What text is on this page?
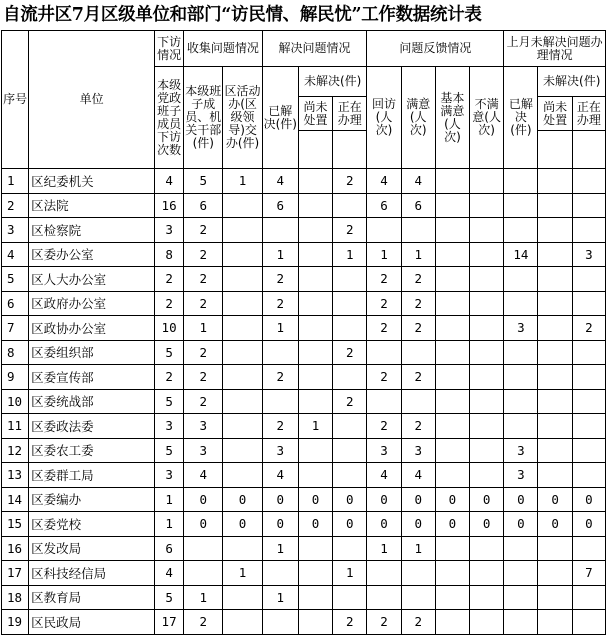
自流井区7月区级单位和部门“访民情、解民忧”工作数据统计表
序号	单位	下访情况	收集问题情况		解决问题情况			问题反馈情况				上月未解决问题办理情况		
		本级党政班子成员下访次数	本级班子成员、机关干部(件)	区活动办(区级领导)交办(件)	已解决(件)	未解决(件)		回访(人次)	满意(人次)	基本满意(人次)	不满意(人次)	已解决(件)	未解决(件)	
						尚未处置	正在办理						尚未处置	正在办理

1	区纪委机关	4	5	1	4		2	4	4					
2	区法院	16	6		6			6	6					
3	区检察院	3	2				2							
4	区委办公室	8	2		1		1	1	1			14		3
5	区人大办公室	2	2		2			2	2					
6	区政府办公室	2	2		2			2	2					
7	区政协办公室	10	1		1			2	2			3		2
8	区委组织部	5	2				2							
9	区委宣传部	2	2		2			2	2					
10	区委统战部	5	2				2							
11	区委政法委	3	3		2	1		2	2					
12	区委农工委	5	3		3			3	3			3		
13	区委群工局	3	4		4			4	4			3		
14	区委编办	1	0	0	0	0	0	0	0	0	0	0	0	0
15	区委党校	1	0	0	0	0	0	0	0	0	0	0	0	0
16	区发改局	6			1			1	1					
17	区科技经信局	4		1			1							7
18	区教育局	5	1		1									
19	区民政局	17	2				2	2	2					
